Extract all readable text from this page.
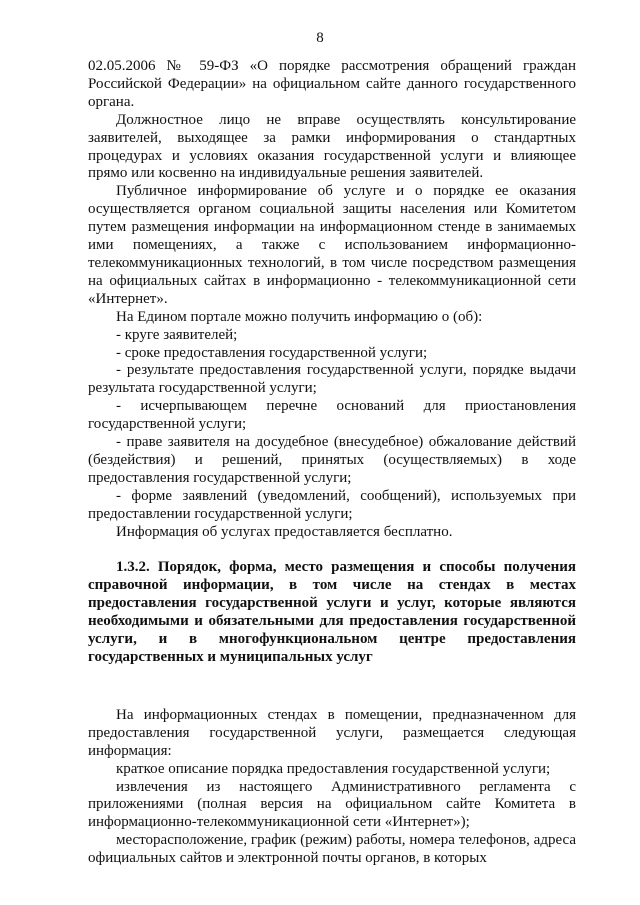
8

02.05.2006 № 59-ФЗ «О порядке рассмотрения обращений граждан Российской Федерации» на официальном сайте данного государственного органа.

Должностное лицо не вправе осуществлять консультирование заявителей, выходящее за рамки информирования о стандартных процедурах и условиях оказания государственной услуги и влияющее прямо или косвенно на индивидуальные решения заявителей.

Публичное информирование об услуге и о порядке ее оказания осуществляется органом социальной защиты населения или Комитетом путем размещения информации на информационном стенде в занимаемых ими помещениях, а также с использованием информационно-телекоммуникационных технологий, в том числе посредством размещения на официальных сайтах в информационно - телекоммуникационной сети «Интернет».

На Едином портале можно получить информацию о (об):

- круге заявителей;

- сроке предоставления государственной услуги;

- результате предоставления государственной услуги, порядке выдачи результата государственной услуги;

- исчерпывающем перечне оснований для приостановления государственной услуги;

- праве заявителя на досудебное (внесудебное) обжалование действий (бездействия) и решений, принятых (осуществляемых) в ходе предоставления государственной услуги;

- форме заявлений (уведомлений, сообщений), используемых при предоставлении государственной услуги;

Информация об услугах предоставляется бесплатно.

1.3.2. Порядок, форма, место размещения и способы получения справочной информации, в том числе на стендах в местах предоставления государственной услуги и услуг, которые являются необходимыми и обязательными для предоставления государственной услуги, и в многофункциональном центре предоставления государственных и муниципальных услуг

На информационных стендах в помещении, предназначенном для предоставления государственной услуги, размещается следующая информация:

краткое описание порядка предоставления государственной услуги;

извлечения из настоящего Административного регламента с приложениями (полная версия на официальном сайте Комитета в информационно-телекоммуникационной сети «Интернет»);

месторасположение, график (режим) работы, номера телефонов, адреса официальных сайтов и электронной почты органов, в которых
